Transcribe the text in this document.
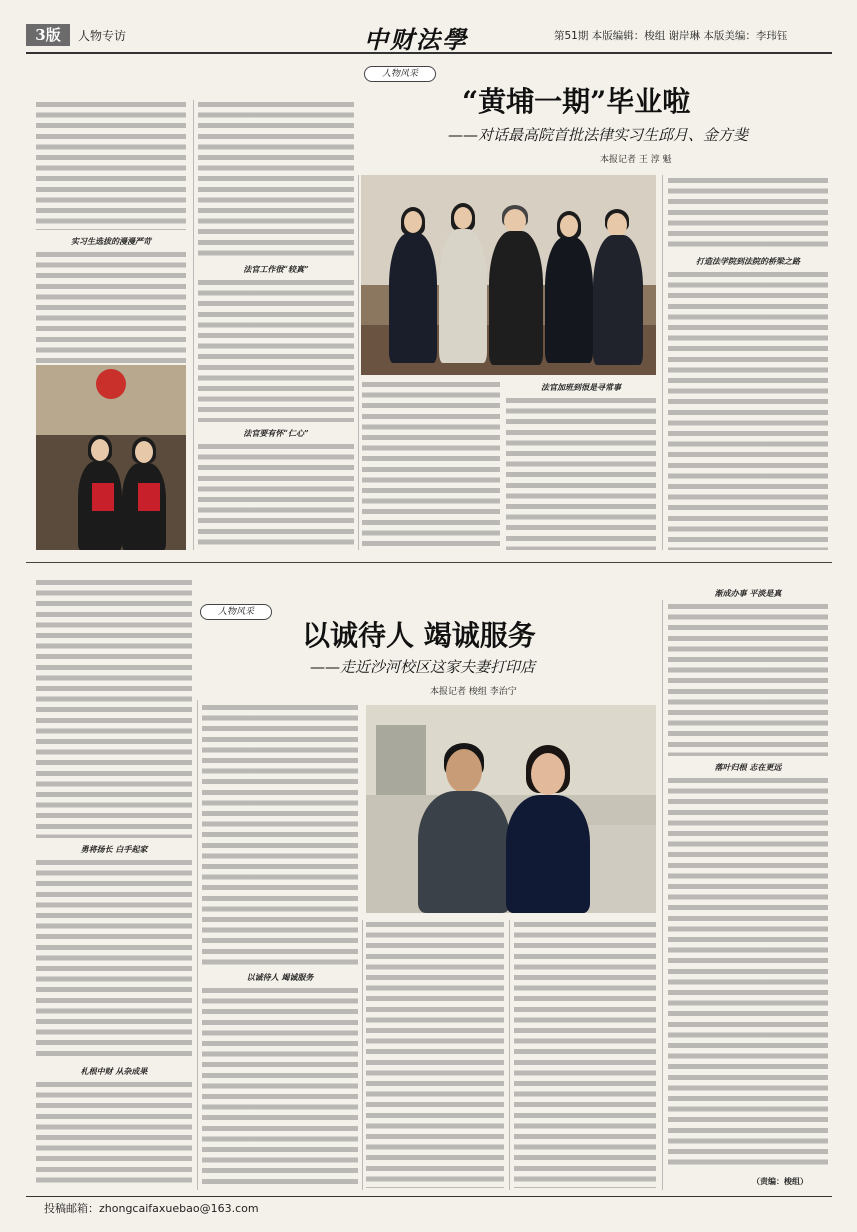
3版	人物专访	中财法學	第51期 本版编辑：梭组 谢岸琳 本版美编：李玮钰
人物风采
“黄埔一期”毕业啦
——对话最高院首批法律实习生邱月、金方斐
本报记者 王 淳 魁
实习生选拔的漫漫严苛
法官工作很“较真”
法官要有怀“仁心”
法官加班到很是寻常事
打造法学院到法院的桥梁之路
人物风采
以诚待人 竭诚服务
——走近沙河校区这家夫妻打印店
本报记者 梭组 李治宁
勇将扬长 白手起家
札根中财 从杂成果
以诚待人 竭诚服务
渐成办事 平淡是真
落叶归根 志在更远
（责编：梭组）
投稿邮箱：zhongcaifaxuebao@163.com
